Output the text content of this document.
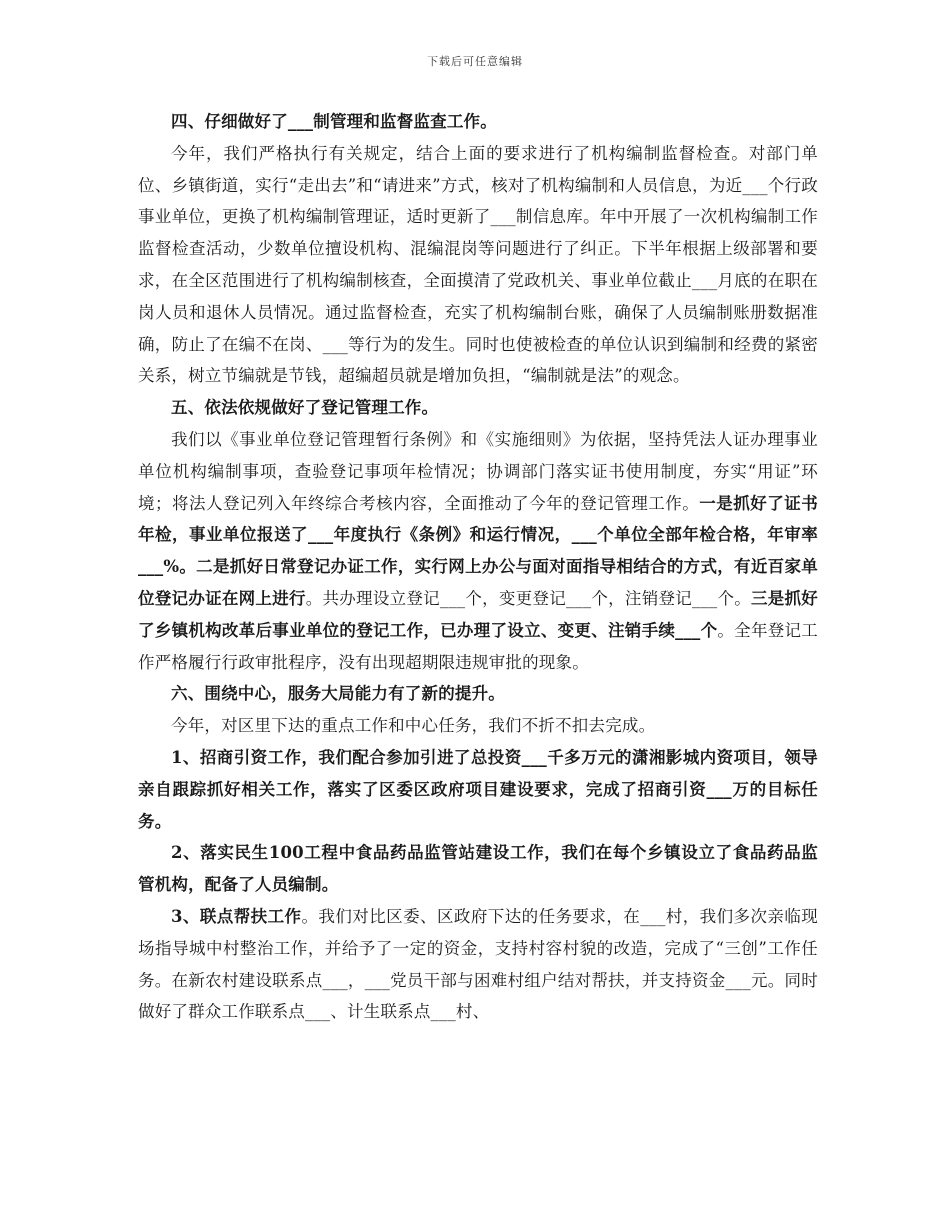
下载后可任意编辑

四、仔细做好了___制管理和监督监查工作。

今年，我们严格执行有关规定，结合上面的要求进行了机构编制监督检查。对部门单位、乡镇街道，实行“走出去”和“请进来”方式，核对了机构编制和人员信息，为近___个行政事业单位，更换了机构编制管理证，适时更新了___制信息库。年中开展了一次机构编制工作监督检查活动，少数单位擅设机构、混编混岗等问题进行了纠正。下半年根据上级部署和要求，在全区范围进行了机构编制核查，全面摸清了党政机关、事业单位截止___月底的在职在岗人员和退休人员情况。通过监督检查，充实了机构编制台账，确保了人员编制账册数据准确，防止了在编不在岗、___等行为的发生。同时也使被检查的单位认识到编制和经费的紧密关系，树立节编就是节钱，超编超员就是增加负担，“编制就是法”的观念。

五、依法依规做好了登记管理工作。

我们以《事业单位登记管理暂行条例》和《实施细则》为依据，坚持凭法人证办理事业单位机构编制事项，查验登记事项年检情况；协调部门落实证书使用制度，夯实“用证”环境；将法人登记列入年终综合考核内容，全面推动了今年的登记管理工作。一是抓好了证书年检，事业单位报送了___年度执行《条例》和运行情况，___个单位全部年检合格，年审率___%。二是抓好日常登记办证工作，实行网上办公与面对面指导相结合的方式，有近百家单位登记办证在网上进行。共办理设立登记___个，变更登记___个，注销登记___个。三是抓好了乡镇机构改革后事业单位的登记工作，已办理了设立、变更、注销手续___个。全年登记工作严格履行行政审批程序，没有出现超期限违规审批的现象。

六、围绕中心，服务大局能力有了新的提升。

今年，对区里下达的重点工作和中心任务，我们不折不扣去完成。

1、招商引资工作，我们配合参加引进了总投资___千多万元的潇湘影城内资项目，领导亲自跟踪抓好相关工作，落实了区委区政府项目建设要求，完成了招商引资___万的目标任务。

2、落实民生100工程中食品药品监管站建设工作，我们在每个乡镇设立了食品药品监管机构，配备了人员编制。

3、联点帮扶工作。我们对比区委、区政府下达的任务要求，在___村，我们多次亲临现场指导城中村整治工作，并给予了一定的资金，支持村容村貌的改造，完成了“三创”工作任务。在新农村建设联系点___，___党员干部与困难村组户结对帮扶，并支持资金___元。同时做好了群众工作联系点___、计生联系点___村、
